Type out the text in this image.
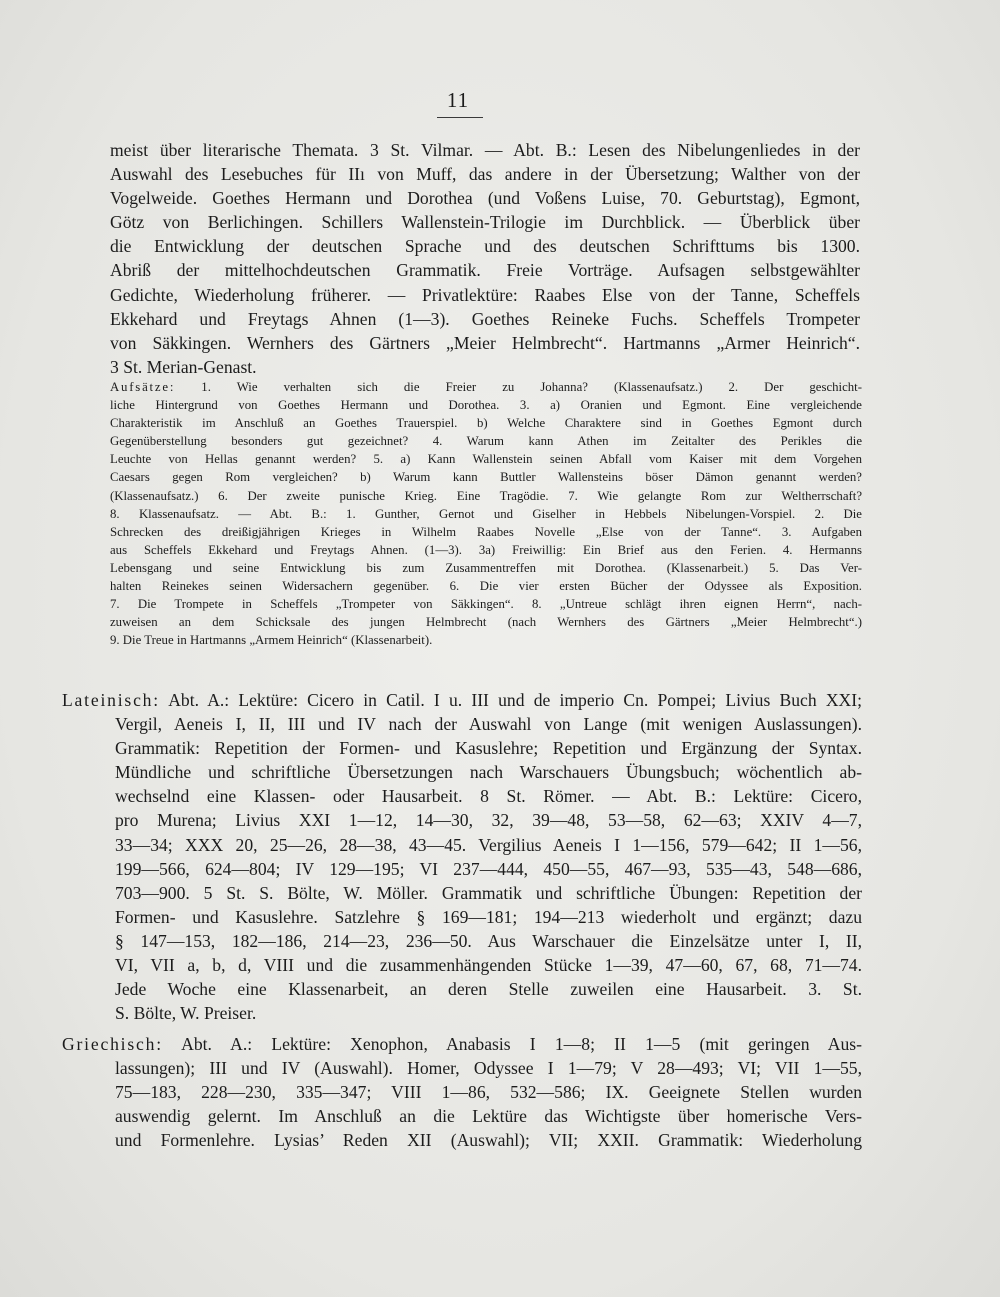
11
meist über literarische Themata. 3 St. Vilmar. — Abt. B.: Lesen des Nibelungenliedes in der
Auswahl des Lesebuches für IIı von Muff, das andere in der Übersetzung; Walther von der
Vogelweide. Goethes Hermann und Dorothea (und Voßens Luise, 70. Geburtstag), Egmont,
Götz von Berlichingen. Schillers Wallenstein-Trilogie im Durchblick. — Überblick über
die Entwicklung der deutschen Sprache und des deutschen Schrifttums bis 1300.
Abriß der mittelhochdeutschen Grammatik. Freie Vorträge. Aufsagen selbstgewählter
Gedichte, Wiederholung früherer. — Privatlektüre: Raabes Else von der Tanne, Scheffels
Ekkehard und Freytags Ahnen (1—3). Goethes Reineke Fuchs. Scheffels Trompeter
von Säkkingen. Wernhers des Gärtners „Meier Helmbrecht“. Hartmanns „Armer Heinrich“.
3 St. Merian-Genast.
Aufsätze: 1. Wie verhalten sich die Freier zu Johanna? (Klassenaufsatz.) 2. Der geschicht-
liche Hintergrund von Goethes Hermann und Dorothea. 3. a) Oranien und Egmont. Eine vergleichende
Charakteristik im Anschluß an Goethes Trauerspiel. b) Welche Charaktere sind in Goethes Egmont durch
Gegenüberstellung besonders gut gezeichnet? 4. Warum kann Athen im Zeitalter des Perikles die
Leuchte von Hellas genannt werden? 5. a) Kann Wallenstein seinen Abfall vom Kaiser mit dem Vorgehen
Caesars gegen Rom vergleichen? b) Warum kann Buttler Wallensteins böser Dämon genannt werden?
(Klassenaufsatz.) 6. Der zweite punische Krieg. Eine Tragödie. 7. Wie gelangte Rom zur Weltherrschaft?
8. Klassenaufsatz. — Abt. B.: 1. Gunther, Gernot und Giselher in Hebbels Nibelungen-Vorspiel. 2. Die
Schrecken des dreißigjährigen Krieges in Wilhelm Raabes Novelle „Else von der Tanne“. 3. Aufgaben
aus Scheffels Ekkehard und Freytags Ahnen. (1—3). 3a) Freiwillig: Ein Brief aus den Ferien. 4. Hermanns
Lebensgang und seine Entwicklung bis zum Zusammentreffen mit Dorothea. (Klassenarbeit.) 5. Das Ver-
halten Reinekes seinen Widersachern gegenüber. 6. Die vier ersten Bücher der Odyssee als Exposition.
7. Die Trompete in Scheffels „Trompeter von Säkkingen“. 8. „Untreue schlägt ihren eignen Herrn“, nach-
zuweisen an dem Schicksale des jungen Helmbrecht (nach Wernhers des Gärtners „Meier Helmbrecht“.)
9. Die Treue in Hartmanns „Armem Heinrich“ (Klassenarbeit).
Lateinisch: Abt. A.: Lektüre: Cicero in Catil. I u. III und de imperio Cn. Pompei; Livius Buch XXI;
Vergil, Aeneis I, II, III und IV nach der Auswahl von Lange (mit wenigen Auslassungen).
Grammatik: Repetition der Formen- und Kasuslehre; Repetition und Ergänzung der Syntax.
Mündliche und schriftliche Übersetzungen nach Warschauers Übungsbuch; wöchentlich ab-
wechselnd eine Klassen- oder Hausarbeit. 8 St. Römer. — Abt. B.: Lektüre: Cicero,
pro Murena; Livius XXI 1—12, 14—30, 32, 39—48, 53—58, 62—63; XXIV 4—7,
33—34; XXX 20, 25—26, 28—38, 43—45. Vergilius Aeneis I 1—156, 579—642; II 1—56,
199—566, 624—804; IV 129—195; VI 237—444, 450—55, 467—93, 535—43, 548—686,
703—900. 5 St. S. Bölte, W. Möller. Grammatik und schriftliche Übungen: Repetition der
Formen- und Kasuslehre. Satzlehre § 169—181; 194—213 wiederholt und ergänzt; dazu
§ 147—153, 182—186, 214—23, 236—50. Aus Warschauer die Einzelsätze unter I, II,
VI, VII a, b, d, VIII und die zusammenhängenden Stücke 1—39, 47—60, 67, 68, 71—74.
Jede Woche eine Klassenarbeit, an deren Stelle zuweilen eine Hausarbeit. 3. St.
S. Bölte, W. Preiser.
Griechisch: Abt. A.: Lektüre: Xenophon, Anabasis I 1—8; II 1—5 (mit geringen Aus-
lassungen); III und IV (Auswahl). Homer, Odyssee I 1—79; V 28—493; VI; VII 1—55,
75—183, 228—230, 335—347; VIII 1—86, 532—586; IX. Geeignete Stellen wurden
auswendig gelernt. Im Anschluß an die Lektüre das Wichtigste über homerische Vers-
und Formenlehre. Lysias’ Reden XII (Auswahl); VII; XXII. Grammatik: Wiederholung
